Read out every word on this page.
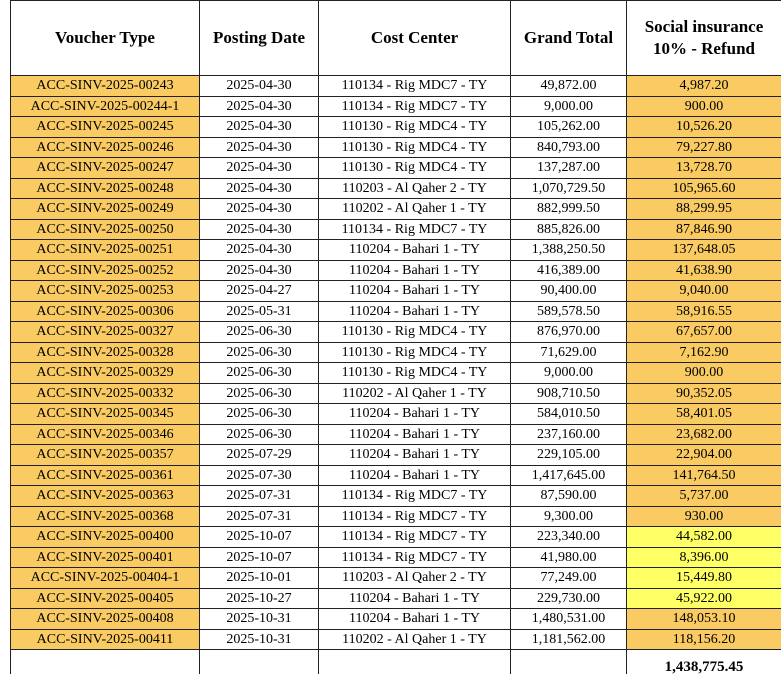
Voucher Type	Posting Date	Cost Center	Grand Total	Social insurance
10% - Refund
ACC-SINV-2025-00243	2025-04-30	110134 - Rig MDC7 - TY	49,872.00	4,987.20
ACC-SINV-2025-00244-1	2025-04-30	110134 - Rig MDC7 - TY	9,000.00	900.00
ACC-SINV-2025-00245	2025-04-30	110130 - Rig MDC4 - TY	105,262.00	10,526.20
ACC-SINV-2025-00246	2025-04-30	110130 - Rig MDC4 - TY	840,793.00	79,227.80
ACC-SINV-2025-00247	2025-04-30	110130 - Rig MDC4 - TY	137,287.00	13,728.70
ACC-SINV-2025-00248	2025-04-30	110203 - Al Qaher 2 - TY	1,070,729.50	105,965.60
ACC-SINV-2025-00249	2025-04-30	110202 - Al Qaher 1 - TY	882,999.50	88,299.95
ACC-SINV-2025-00250	2025-04-30	110134 - Rig MDC7 - TY	885,826.00	87,846.90
ACC-SINV-2025-00251	2025-04-30	110204 - Bahari 1 - TY	1,388,250.50	137,648.05
ACC-SINV-2025-00252	2025-04-30	110204 - Bahari 1 - TY	416,389.00	41,638.90
ACC-SINV-2025-00253	2025-04-27	110204 - Bahari 1 - TY	90,400.00	9,040.00
ACC-SINV-2025-00306	2025-05-31	110204 - Bahari 1 - TY	589,578.50	58,916.55
ACC-SINV-2025-00327	2025-06-30	110130 - Rig MDC4 - TY	876,970.00	67,657.00
ACC-SINV-2025-00328	2025-06-30	110130 - Rig MDC4 - TY	71,629.00	7,162.90
ACC-SINV-2025-00329	2025-06-30	110130 - Rig MDC4 - TY	9,000.00	900.00
ACC-SINV-2025-00332	2025-06-30	110202 - Al Qaher 1 - TY	908,710.50	90,352.05
ACC-SINV-2025-00345	2025-06-30	110204 - Bahari 1 - TY	584,010.50	58,401.05
ACC-SINV-2025-00346	2025-06-30	110204 - Bahari 1 - TY	237,160.00	23,682.00
ACC-SINV-2025-00357	2025-07-29	110204 - Bahari 1 - TY	229,105.00	22,904.00
ACC-SINV-2025-00361	2025-07-30	110204 - Bahari 1 - TY	1,417,645.00	141,764.50
ACC-SINV-2025-00363	2025-07-31	110134 - Rig MDC7 - TY	87,590.00	5,737.00
ACC-SINV-2025-00368	2025-07-31	110134 - Rig MDC7 - TY	9,300.00	930.00
ACC-SINV-2025-00400	2025-10-07	110134 - Rig MDC7 - TY	223,340.00	44,582.00
ACC-SINV-2025-00401	2025-10-07	110134 - Rig MDC7 - TY	41,980.00	8,396.00
ACC-SINV-2025-00404-1	2025-10-01	110203 - Al Qaher 2 - TY	77,249.00	15,449.80
ACC-SINV-2025-00405	2025-10-27	110204 - Bahari 1 - TY	229,730.00	45,922.00
ACC-SINV-2025-00408	2025-10-31	110204 - Bahari 1 - TY	1,480,531.00	148,053.10
ACC-SINV-2025-00411	2025-10-31	110202 - Al Qaher 1 - TY	1,181,562.00	118,156.20
				1,438,775.45
